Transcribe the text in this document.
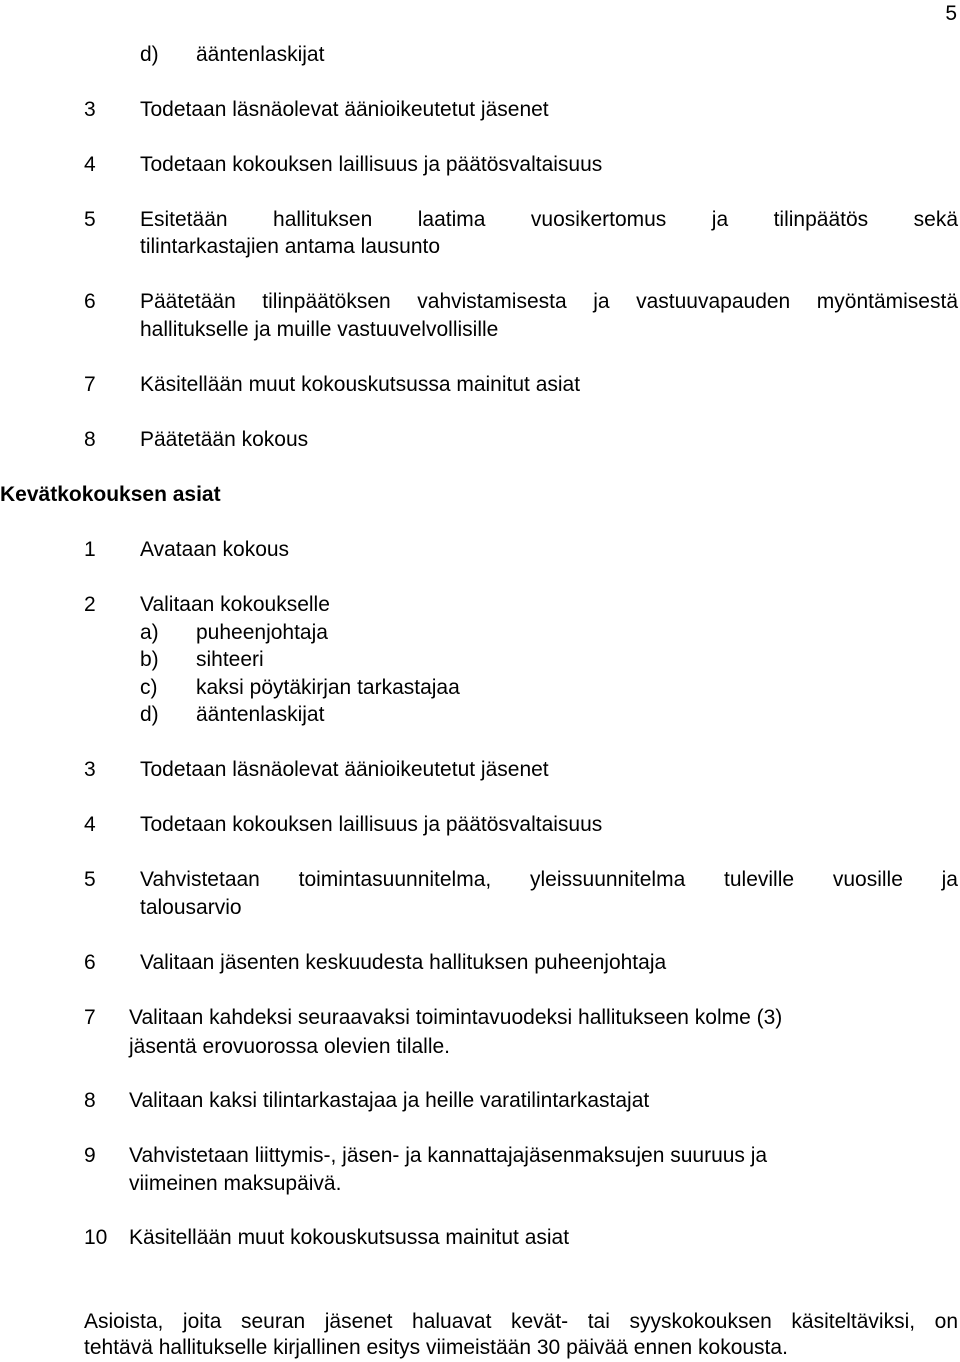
5
d) ääntenlaskijat
3 Todetaan läsnäolevat äänioikeutetut jäsenet
4 Todetaan kokouksen laillisuus ja päätösvaltaisuus
5 Esitetään hallituksen laatima vuosikertomus ja tilinpäätös sekä
tilintarkastajien antama lausunto
6 Päätetään tilinpäätöksen vahvistamisesta ja vastuuvapauden myöntämisestä
hallitukselle ja muille vastuuvelvollisille
7 Käsitellään muut kokouskutsussa mainitut asiat
8 Päätetään kokous
Kevätkokouksen asiat
1 Avataan kokous
2 Valitaan kokoukselle
a) puheenjohtaja
b) sihteeri
c) kaksi pöytäkirjan tarkastajaa
d) ääntenlaskijat
3 Todetaan läsnäolevat äänioikeutetut jäsenet
4 Todetaan kokouksen laillisuus ja päätösvaltaisuus
5 Vahvistetaan toimintasuunnitelma, yleissuunnitelma tuleville vuosille ja
talousarvio
6 Valitaan jäsenten keskuudesta hallituksen puheenjohtaja
7 Valitaan kahdeksi seuraavaksi toimintavuodeksi hallitukseen kolme (3)
jäsentä erovuorossa olevien tilalle.
8 Valitaan kaksi tilintarkastajaa ja heille varatilintarkastajat
9 Vahvistetaan liittymis-, jäsen- ja kannattajajäsenmaksujen suuruus ja
viimeinen maksupäivä.
10 Käsitellään muut kokouskutsussa mainitut asiat
Asioista, joita seuran jäsenet haluavat kevät- tai syyskokouksen käsiteltäviksi, on
tehtävä hallitukselle kirjallinen esitys viimeistään 30 päivää ennen kokousta.
